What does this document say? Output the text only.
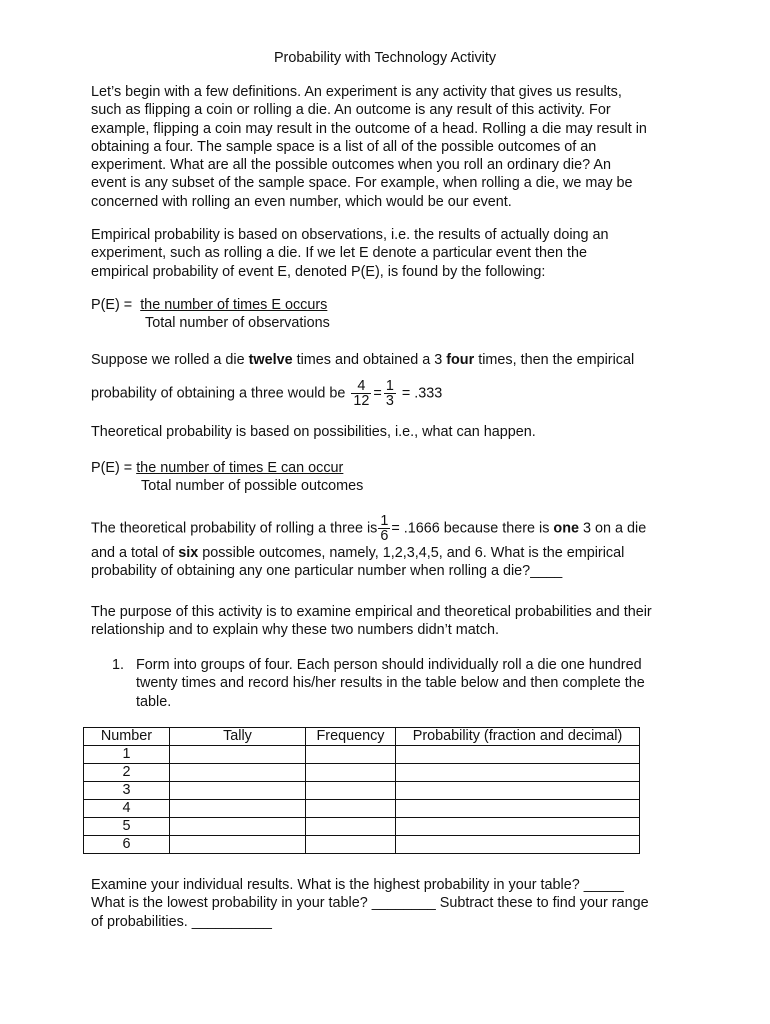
Probability with Technology Activity
Let’s begin with a few definitions. An experiment is any activity that gives us results,
such as flipping a coin or rolling a die. An outcome is any result of this activity. For
example, flipping a coin may result in the outcome of a head. Rolling a die may result in
obtaining a four. The sample space is a list of all of the possible outcomes of an
experiment. What are all the possible outcomes when you roll an ordinary die? An
event is any subset of the sample space. For example, when rolling a die, we may be
concerned with rolling an even number, which would be our event.
Empirical probability is based on observations, i.e. the results of actually doing an
experiment, such as rolling a die. If we let E denote a particular event then the
empirical probability of event E, denoted P(E), is found by the following:
P(E) = the number of times E occurs
Total number of observations
Suppose we rolled a die twelve times and obtained a 3 four times, then the empirical
probability of obtaining a three would be $\frac{4}{12} = \frac{1}{3} = .333$
Theoretical probability is based on possibilities, i.e., what can happen.
P(E) = the number of times E can occur
Total number of possible outcomes
The theoretical probability of rolling a three is
$\frac{1}{6} = .1666$ because there is one 3 on a die
and a total of six possible outcomes, namely, 1,2,3,4,5, and 6. What is the empirical
probability of obtaining any one particular number when rolling a die?____
The purpose of this activity is to examine empirical and theoretical probabilities and their
relationship and to explain why these two numbers didn’t match.
1. Form into groups of four. Each person should individually roll a die one hundred
twenty times and record his/her results in the table below and then complete the
table.
Number	Tally	Frequency	Probability (fraction and decimal)
1			
2			
3			
4			
5			
6			
Examine your individual results. What is the highest probability in your table? _____
What is the lowest probability in your table? ________ Subtract these to find your range
of probabilities. __________
